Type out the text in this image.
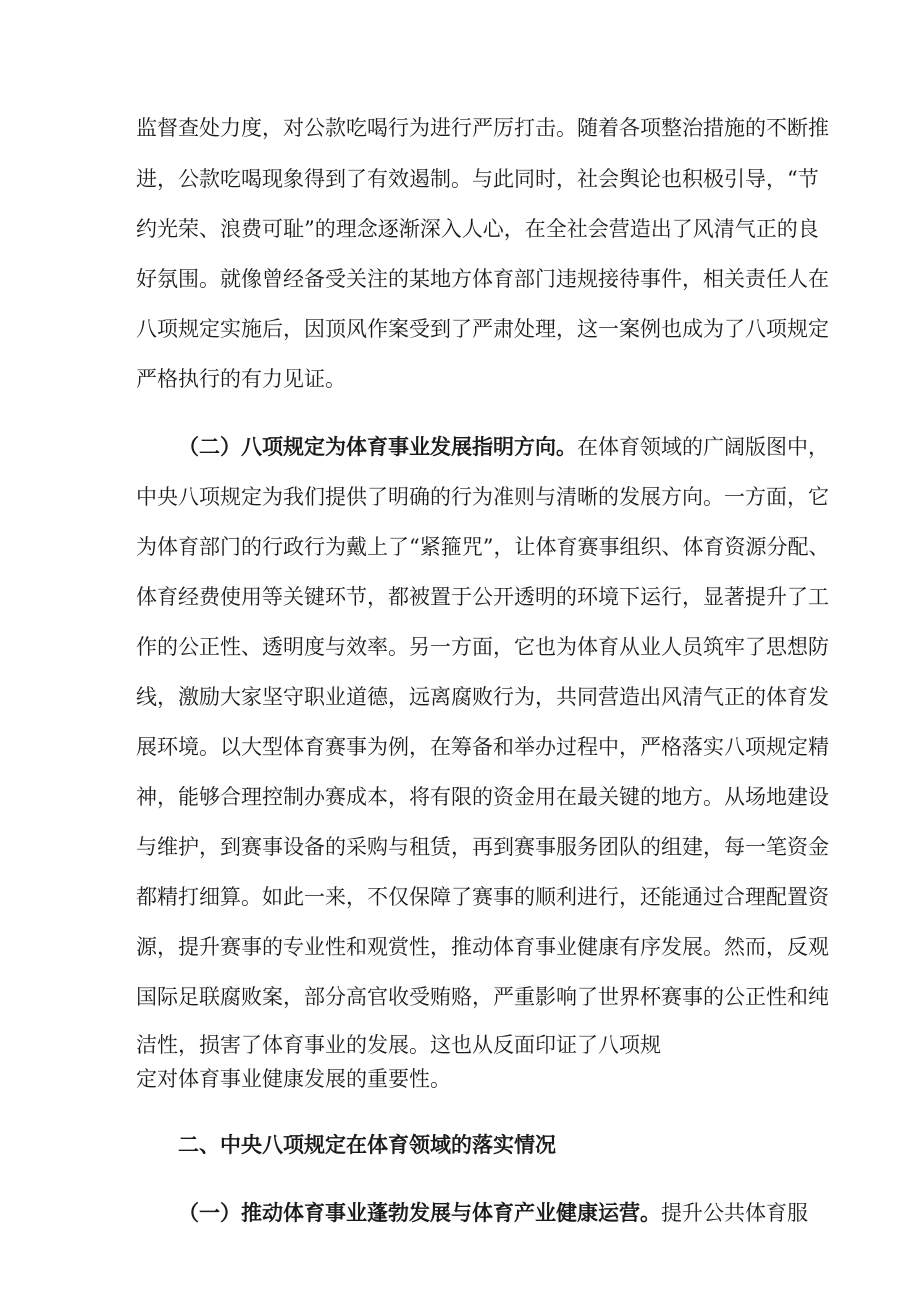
监督查处力度，对公款吃喝行为进行严厉打击。随着各项整治措施的不断推
进，公款吃喝现象得到了有效遏制。与此同时，社会舆论也积极引导，“节
约光荣、浪费可耻”的理念逐渐深入人心，在全社会营造出了风清气正的良
好氛围。就像曾经备受关注的某地方体育部门违规接待事件，相关责任人在
八项规定实施后，因顶风作案受到了严肃处理，这一案例也成为了八项规定
严格执行的有力见证。
（二）八项规定为体育事业发展指明方向。在体育领域的广阔版图中，
中央八项规定为我们提供了明确的行为准则与清晰的发展方向。一方面，它
为体育部门的行政行为戴上了“紧箍咒”，让体育赛事组织、体育资源分配、
体育经费使用等关键环节，都被置于公开透明的环境下运行，显著提升了工
作的公正性、透明度与效率。另一方面，它也为体育从业人员筑牢了思想防
线，激励大家坚守职业道德，远离腐败行为，共同营造出风清气正的体育发
展环境。以大型体育赛事为例，在筹备和举办过程中，严格落实八项规定精
神，能够合理控制办赛成本，将有限的资金用在最关键的地方。从场地建设
与维护，到赛事设备的采购与租赁，再到赛事服务团队的组建，每一笔资金
都精打细算。如此一来，不仅保障了赛事的顺利进行，还能通过合理配置资
源，提升赛事的专业性和观赏性，推动体育事业健康有序发展。然而，反观
国际足联腐败案，部分高官收受贿赂，严重影响了世界杯赛事的公正性和纯
洁性，损害了体育事业的发展。这也从反面印证了八项规
定对体育事业健康发展的重要性。
二、中央八项规定在体育领域的落实情况
（一）推动体育事业蓬勃发展与体育产业健康运营。提升公共体育服
